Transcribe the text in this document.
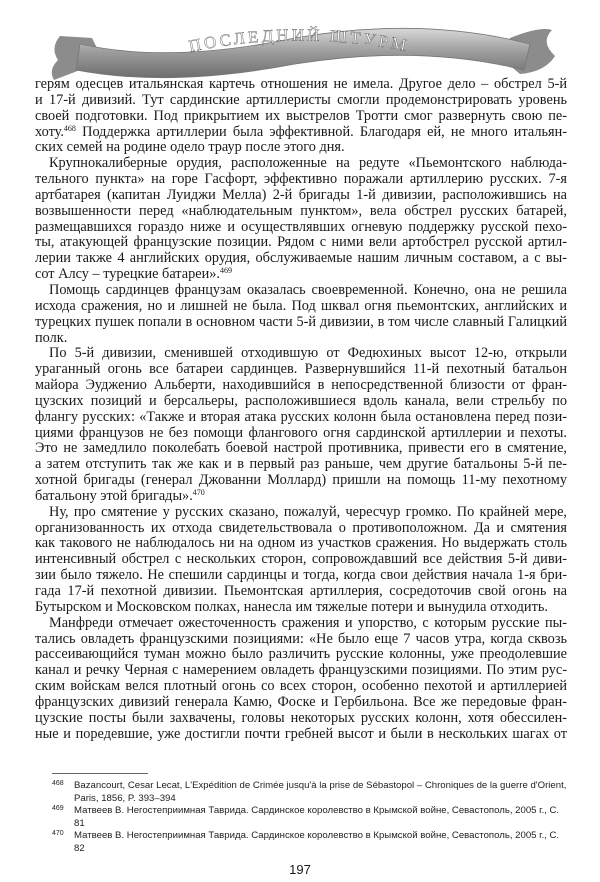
ПОСЛЕДНИЙ ШТУРМ
герям одесцев итальянская картечь отношения не имела. Другое дело – обстрел 5-й
и 17-й дивизий. Тут сардинские артиллеристы смогли продемонстрировать уровень
своей подготовки. Под прикрытием их выстрелов Тротти смог развернуть свою пе-
хоту.$^{468}$ Поддержка артиллерии была эффективной. Благодаря ей, не много итальян-
ских семей на родине одело траур после этого дня.
Крупнокалиберные орудия, расположенные на редуте «Пьемонтского наблюда-
тельного пункта» на горе Гасфорт, эффективно поражали артиллерию русских. 7-я
артбатарея (капитан Луиджи Мелла) 2-й бригады 1-й дивизии, расположившись на
возвышенности перед «наблюдательным пунктом», вела обстрел русских батарей,
размещавшихся гораздо ниже и осуществлявших огневую поддержку русской пехо-
ты, атакующей французские позиции. Рядом с ними вели артобстрел русской артил-
лерии также 4 английских орудия, обслуживаемые нашим личным составом, а с вы-
сот Алсу – турецкие батареи».$^{469}$
Помощь сардинцев французам оказалась своевременной. Конечно, она не решила
исхода сражения, но и лишней не была. Под шквал огня пьемонтских, английских и
турецких пушек попали в основном части 5-й дивизии, в том числе славный Галицкий
полк.
По 5-й дивизии, сменившей отходившую от Федюхиных высот 12-ю, открыли
ураганный огонь все батареи сардинцев. Развернувшийся 11-й пехотный батальон
майора Эудженио Альберти, находившийся в непосредственной близости от фран-
цузских позиций и берсальеры, расположившиеся вдоль канала, вели стрельбу по
флангу русских: «Также и вторая атака русских колонн была остановлена перед пози-
циями французов не без помощи флангового огня сардинской артиллерии и пехоты.
Это не замедлило поколебать боевой настрой противника, привести его в смятение,
а затем отступить так же как и в первый раз раньше, чем другие батальоны 5-й пе-
хотной бригады (генерал Джованни Моллард) пришли на помощь 11-му пехотному
батальону этой бригады».$^{470}$
Ну, про смятение у русских сказано, пожалуй, чересчур громко. По крайней мере,
организованность их отхода свидетельствовала о противоположном. Да и смятения
как такового не наблюдалось ни на одном из участков сражения. Но выдержать столь
интенсивный обстрел с нескольких сторон, сопровождавший все действия 5-й диви-
зии было тяжело. Не спешили сардинцы и тогда, когда свои действия начала 1-я бри-
гада 17-й пехотной дивизии. Пьемонтская артиллерия, сосредоточив свой огонь на
Бутырском и Московском полках, нанесла им тяжелые потери и вынудила отходить.
Манфреди отмечает ожесточенность сражения и упорство, с которым русские пы-
тались овладеть французскими позициями: «Не было еще 7 часов утра, когда сквозь
рассеивающийся туман можно было различить русские колонны, уже преодолевшие
канал и речку Черная с намерением овладеть французскими позициями. По этим рус-
ским войскам велся плотный огонь со всех сторон, особенно пехотой и артиллерией
французских дивизий генерала Камю, Фоске и Гербильона. Все же передовые фран-
цузские посты были захвачены, головы некоторых русских колонн, хотя обессилен-
ные и поредевшие, уже достигли почти гребней высот и были в нескольких шагах от
468 Bazancourt, Cesar Lecat, L'Expédition de Crimée jusqu'à la prise de Sébastopol – Chroniques de la guerre d'Orient, Paris, 1856, P. 393–394
469 Матвеев В. Негостеприимная Таврида. Сардинское королевство в Крымской войне, Севастополь, 2005 г., С. 81
470 Матвеев В. Негостеприимная Таврида. Сардинское королевство в Крымской войне, Севастополь, 2005 г., С. 82
197
